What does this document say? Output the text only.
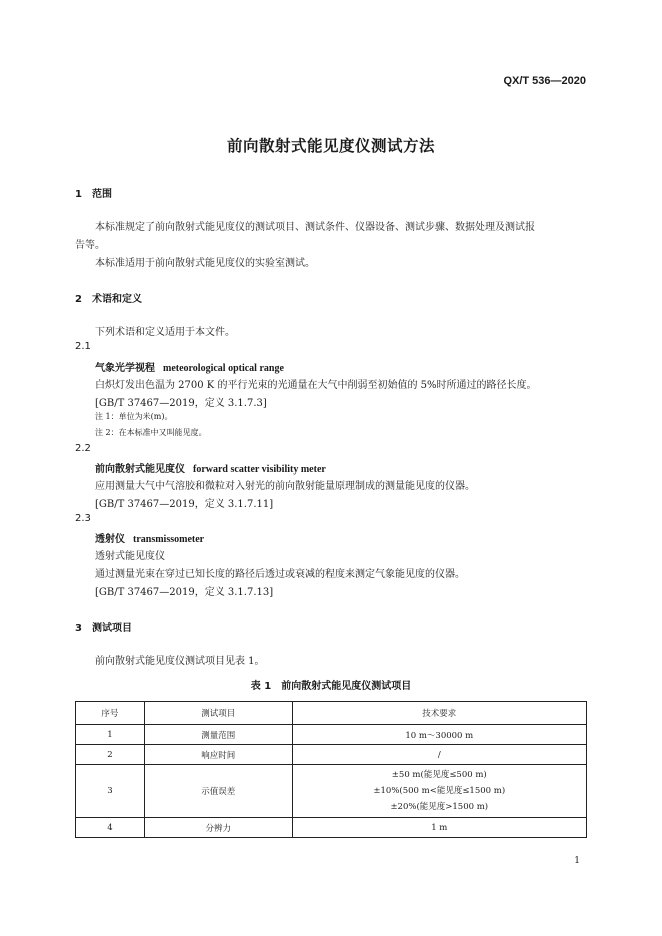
QX/T 536—2020
前向散射式能见度仪测试方法
1　范围
本标准规定了前向散射式能见度仪的测试项目、测试条件、仪器设备、测试步骤、数据处理及测试报
告等。
本标准适用于前向散射式能见度仪的实验室测试。
2　术语和定义
下列术语和定义适用于本文件。
2.1
气象光学视程 meteorological optical range
白炽灯发出色温为 2700 K 的平行光束的光通量在大气中削弱至初始值的 5%时所通过的路径长度。
[GB/T 37467—2019，定义 3.1.7.3]
注 1：单位为米(m)。
注 2：在本标准中又叫能见度。
2.2
前向散射式能见度仪 forward scatter visibility meter
应用测量大气中气溶胶和微粒对入射光的前向散射能量原理制成的测量能见度的仪器。
[GB/T 37467—2019，定义 3.1.7.11]
2.3
透射仪 transmissometer
透射式能见度仪
通过测量光束在穿过已知长度的路径后透过或衰减的程度来测定气象能见度的仪器。
[GB/T 37467—2019，定义 3.1.7.13]
3　测试项目
前向散射式能见度仪测试项目见表 1。
表 1　前向散射式能见度仪测试项目
序号	测试项目	技术要求
1	测量范围	10 m～30000 m
2	响应时间	/
3	示值误差	±50 m(能见度≤500 m)
±10%(500 m<能见度≤1500 m)
±20%(能见度>1500 m)

4	分辨力	1 m
1
